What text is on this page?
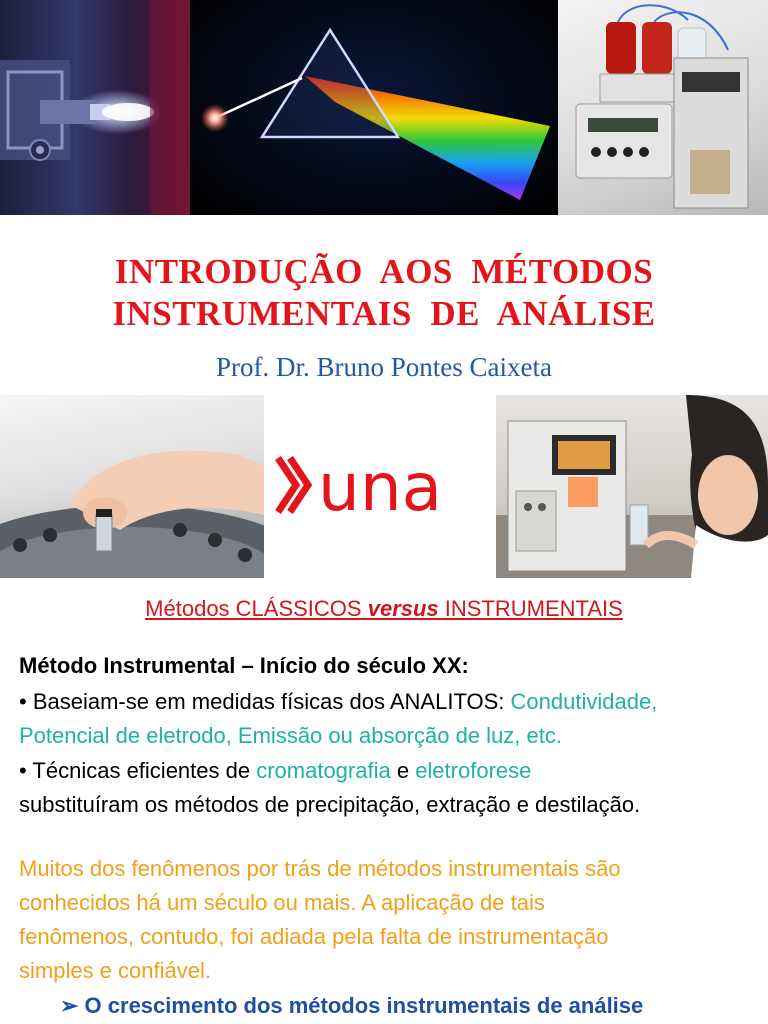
INTRODUÇÃO  AOS  MÉTODOS
INSTRUMENTAIS  DE  ANÁLISE
Prof. Dr. Bruno Pontes Caixeta
una
Métodos CLÁSSICOS versus INSTRUMENTAIS
Método Instrumental – Início do século XX:
• Baseiam-se em medidas físicas dos ANALITOS: Condutividade,
Potencial de eletrodo, Emissão ou absorção de luz, etc.
• Técnicas eficientes de cromatografia e eletroforese
substituíram os métodos de precipitação, extração e destilação.
Muitos dos fenômenos por trás de métodos instrumentais são
conhecidos há um século ou mais. A aplicação de tais
fenômenos, contudo, foi adiada pela falta de instrumentação
simples e confiável.
➢ O crescimento dos métodos instrumentais de análise
